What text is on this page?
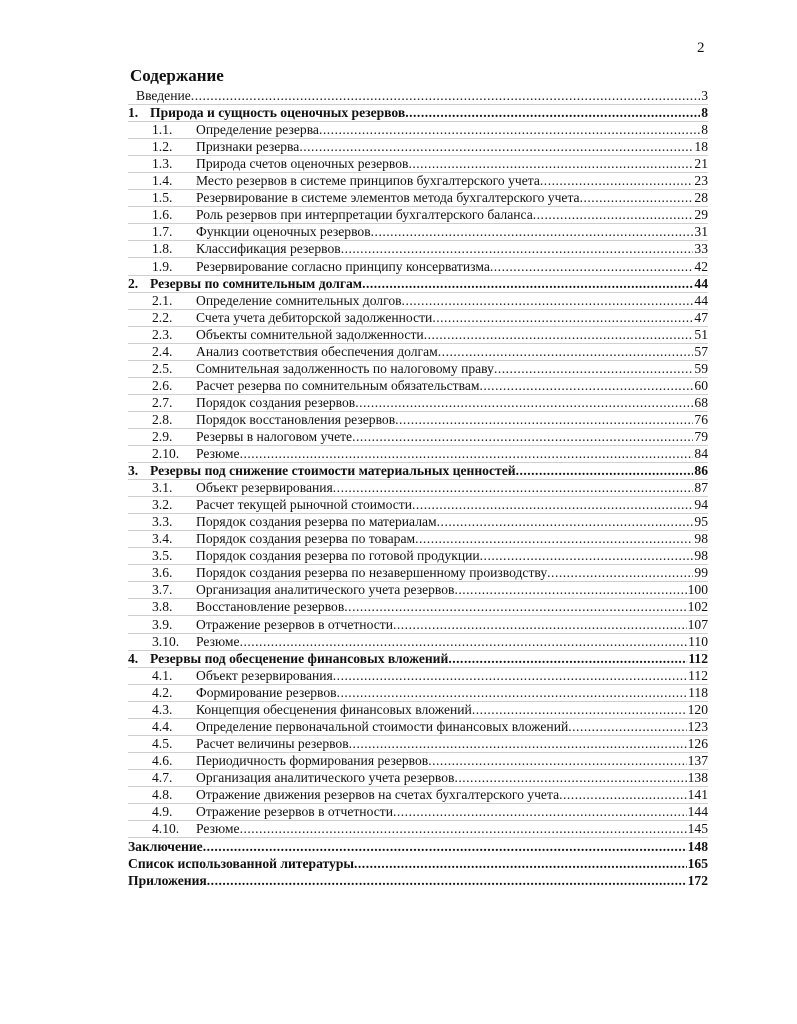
2
Содержание
Введение .....	3
1. Природа и сущность оценочных резервов .....	8
1.1.	Определение резерва .....	8
1.2.	Признаки резерва .....	18
1.3.	Природа счетов оценочных резервов .....	21
1.4.	Место резервов в системе принципов бухгалтерского учета .....	23
1.5.	Резервирование в системе элементов метода бухгалтерского учета .....	28
1.6.	Роль резервов при интерпретации бухгалтерского баланса .....	29
1.7.	Функции оценочных резервов .....	31
1.8.	Классификация резервов .....	33
1.9.	Резервирование согласно принципу консерватизма .....	42
2. Резервы по сомнительным долгам .....	44
2.1.	Определение сомнительных долгов .....	44
2.2.	Счета учета дебиторской задолженности .....	47
2.3.	Объекты сомнительной задолженности .....	51
2.4.	Анализ соответствия обеспечения долгам .....	57
2.5.	Сомнительная задолженность по налоговому праву .....	59
2.6.	Расчет резерва по сомнительным обязательствам .....	60
2.7.	Порядок создания резервов .....	68
2.8.	Порядок восстановления резервов .....	76
2.9.	Резервы в налоговом учете .....	79
2.10.	Резюме .....	84
3. Резервы под снижение стоимости материальных ценностей .....	86
3.1.	Объект резервирования .....	87
3.2.	Расчет текущей рыночной стоимости .....	94
3.3.	Порядок создания резерва по материалам .....	95
3.4.	Порядок создания резерва по товарам .....	98
3.5.	Порядок создания резерва по готовой продукции .....	98
3.6.	Порядок создания резерва по незавершенному производству .....	99
3.7.	Организация аналитического учета резервов .....	100
3.8.	Восстановление резервов .....	102
3.9.	Отражение резервов в отчетности .....	107
3.10.	Резюме .....	110
4. Резервы под обесценение финансовых вложений .....	112
4.1.	Объект резервирования .....	112
4.2.	Формирование резервов .....	118
4.3.	Концепция обесценения финансовых вложений .....	120
4.4.	Определение первоначальной стоимости финансовых вложений .....	123
4.5.	Расчет величины резервов .....	126
4.6.	Периодичность формирования резервов .....	137
4.7.	Организация аналитического учета резервов .....	138
4.8.	Отражение движения резервов на счетах бухгалтерского учета .....	141
4.9.	Отражение резервов в отчетности .....	144
4.10.	Резюме .....	145
Заключение .....	148
Список использованной литературы .....	165
Приложения .....	172
